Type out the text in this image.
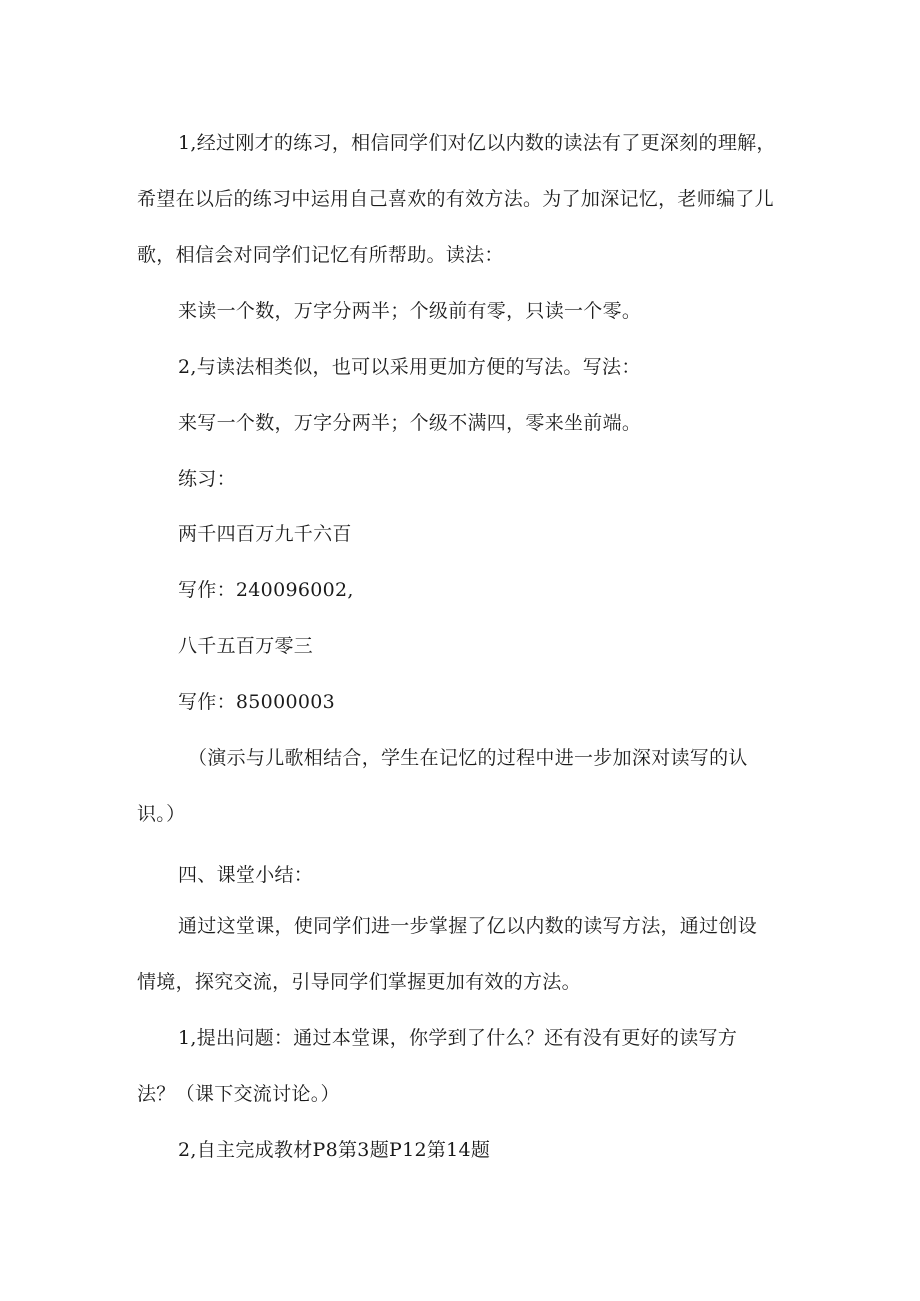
1,经过刚才的练习，相信同学们对亿以内数的读法有了更深刻的理解，
希望在以后的练习中运用自己喜欢的有效方法。为了加深记忆，老师编了儿
歌，相信会对同学们记忆有所帮助。读法：
来读一个数，万字分两半；个级前有零，只读一个零。
2,与读法相类似，也可以采用更加方便的写法。写法：
来写一个数，万字分两半；个级不满四，零来坐前端。
练习：
两千四百万九千六百
写作：240096002,
八千五百万零三
写作：85000003
（演示与儿歌相结合，学生在记忆的过程中进一步加深对读写的认
识。）
四、课堂小结：
通过这堂课，使同学们进一步掌握了亿以内数的读写方法，通过创设
情境，探究交流，引导同学们掌握更加有效的方法。
1,提出问题：通过本堂课，你学到了什么？还有没有更好的读写方
法？（课下交流讨论。）
2,自主完成教材P8第3题P12第14题
